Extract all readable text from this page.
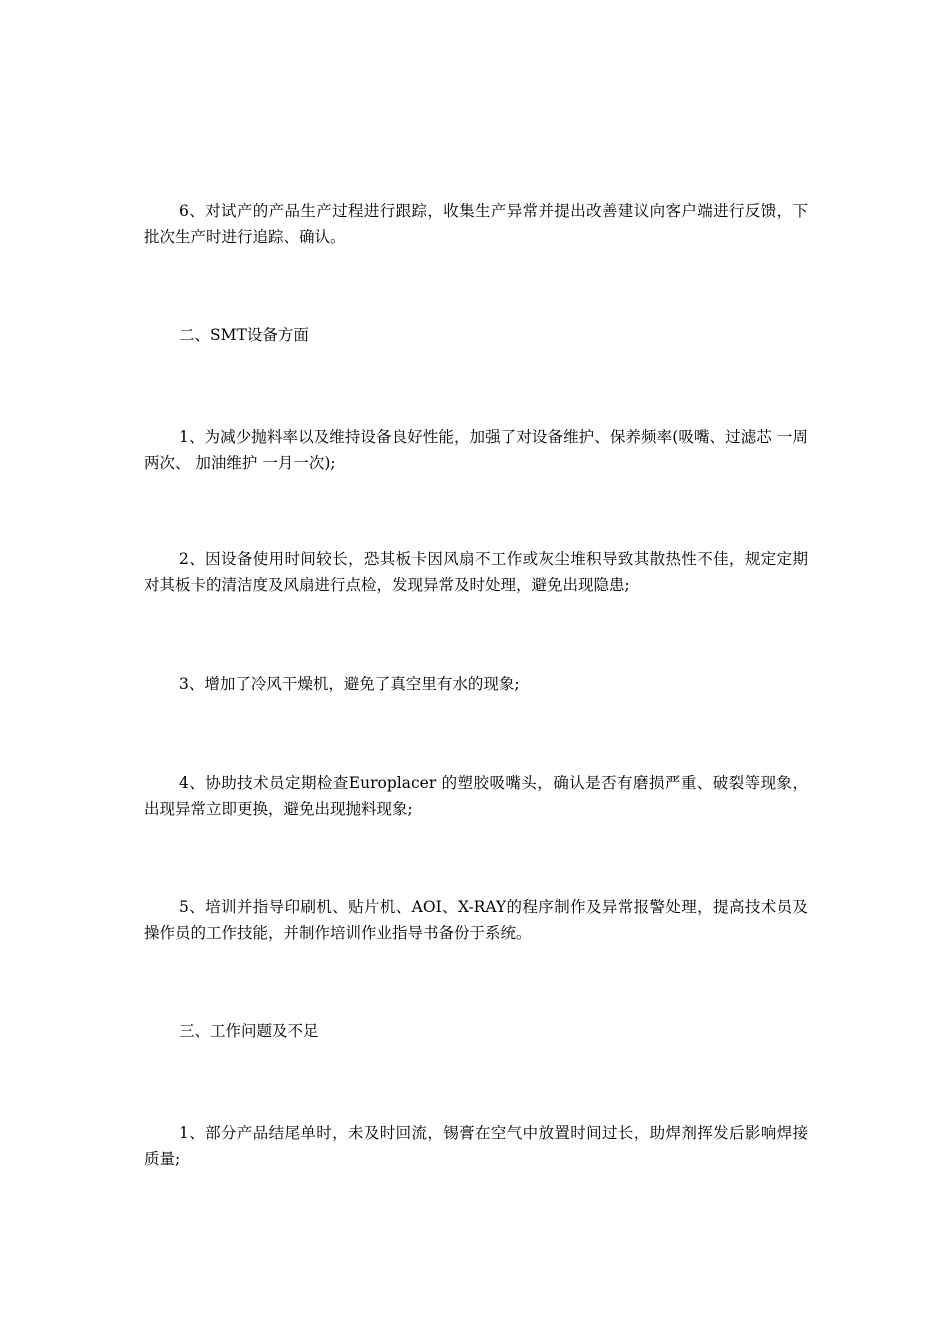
6、对试产的产品生产过程进行跟踪，收集生产异常并提出改善建议向客户端进行反馈，下批次生产时进行追踪、确认。

二、SMT设备方面

1、为减少抛料率以及维持设备良好性能，加强了对设备维护、保养频率(吸嘴、过滤芯 一周两次、 加油维护 一月一次);

2、因设备使用时间较长，恐其板卡因风扇不工作或灰尘堆积导致其散热性不佳，规定定期对其板卡的清洁度及风扇进行点检，发现异常及时处理，避免出现隐患;

3、增加了冷风干燥机，避免了真空里有水的现象;

4、协助技术员定期检查Europlacer 的塑胶吸嘴头，确认是否有磨损严重、破裂等现象，出现异常立即更换，避免出现抛料现象;

5、培训并指导印刷机、贴片机、AOI、X-RAY的程序制作及异常报警处理，提高技术员及操作员的工作技能，并制作培训作业指导书备份于系统。

三、工作问题及不足

1、部分产品结尾单时，未及时回流，锡膏在空气中放置时间过长，助焊剂挥发后影响焊接质量;
